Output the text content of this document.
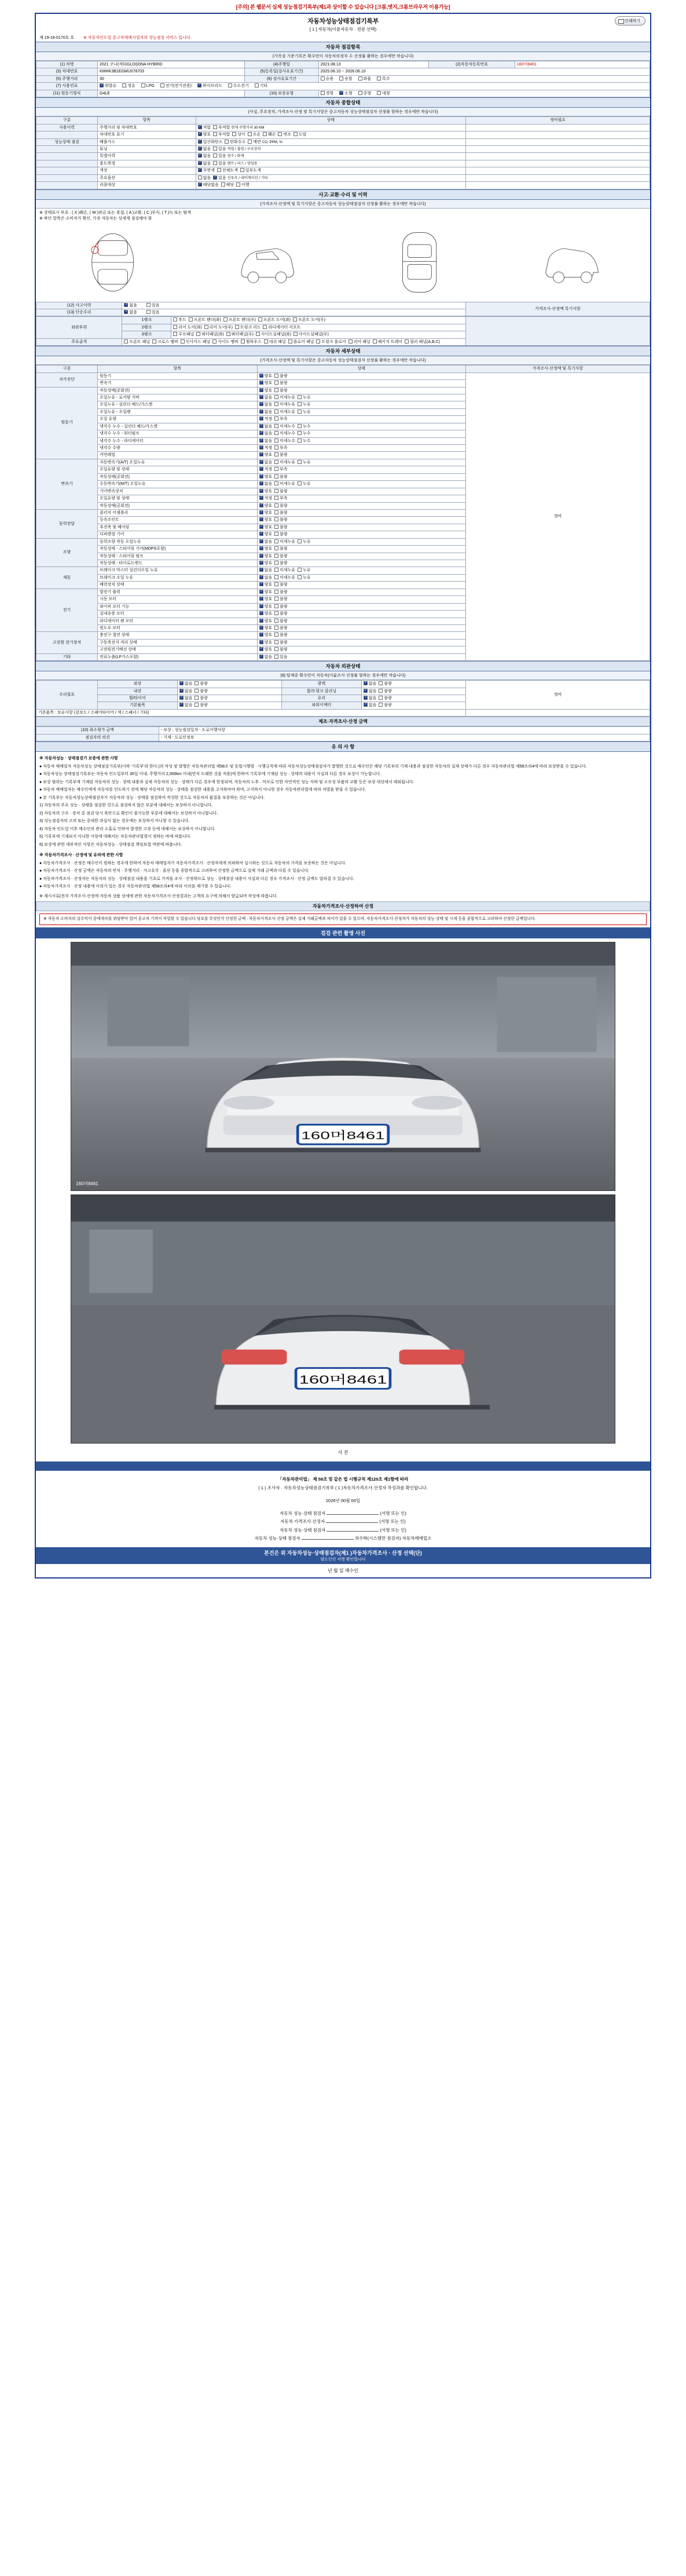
[주의] 본 웹문서 실제 성능점검기록부(제1과 상이할 수 있습니다 [크롬,엣지,크롬브라우저 이용가능]
자동차성능상태점검기록부
[ 1 ] 자동차(이륜자동차 · 전문 선택)
인쇄하기
제 19-16-0170호 호 ※ 자동차인도일 중고차매매사업자의 성능점검 서비스 입니다.
자동차 점검항목
(가족검 기준기록은 확수민이 자동차의정자 수 선정률 활하는 경우에만 작습니다)
(1) 차명	2021 코나(세타GLDI)ONA HYBRID	(4)주행일	2021.08.13	(2)자동차등록번호	160머8461
(3) 차대번호	KMHK3B1EGMU078703	(5)등록일(검사유효기간)	2025.06.10 ~ 2026.06.10		
(5) 주행거리	30	(6) 검사유효기간	승용 승합 화물 특수		
(7) 사용연료	✓휘발유 경유 LPG 전기(전기전용) ✓ 하이브리드 수소전기 기타
(11) 원동기형식	G4LE	(10) 보증유형	경형 ✓ 소형 중형 대형
자동차 종합상태
(사실, 주요장치, 가격조사·산정 및 특기사항은 중고자동차 성능상태점검자 선정률 할하는 경우에만 작습니다)
구분	항목	상태	정비필요
사용이력	주행거리 및 차대번호	✓적합 부적합 현재 주행거리 30 KM	
	차대번호 표기	✓양호 부적합 상이 오손 훼손 변조 도말	
성능상태 점검	배출가스	✓일산화탄소 탄화수소 매연 CO, PPM, %	
	튜닝	✓없음 있음 적법 / 불법 / 구조장치	
	특별이력	✓없음 있음 침수 / 화재	
	용도변경	✓없음 있음 렌트 / 리스 / 영업용	
	색상	✓무변색 전체도색 일부도색	
	주요옵션	없음 ✓ 있음 선루프 / 네비게이션 / 기타	
	리콜대상	✓해당없음 해당 이행	
사고·교환·수리 및 이력
(가격조사·산정액 및 특기사항은 중고자동차 성능상태점검자 선정률 활하는 경우에만 작습니다)
※ 상태표시 부호 : ( X )훼손, ( W )판금 또는 용접, ( A )교환, ( C )부식, ( T )녹 또는 탈색
※ 하단 항목은 소비자가 확인, 가장 자동차는 상세계 점검해야 함
(12) 사고이력	✓없음 있음	가격조사·산정액 특기사항
(13) 단순수리	✓없음 있음
외판부위	1랭크	후드  프론트 펜더(좌)  프론트 펜더(우)  프론트 도어(좌)  프론트 도어(우)	
	2랭크	리어 도어(좌)  리어 도어(우)  트렁크 리드  라디에이터 서포트	
	3랭크	루프패널  쿼터패널(좌)  쿼터패널(우)  사이드실패널(좌)  사이드실패널(우)	
주요골격	프론트 패널  크로스 멤버  인사이드 패널  사이드 멤버  휠하우스  대쉬 패널  플로어 패널  트렁크 플로어  리어 패널  패키지 트레이  필러 패널(A,B,C)		
자동차 세부상태
(가격조사·산정액 및 특기사항은 중고자동차 성능상태점검자 선정률 활하는 경우에만 작습니다)
구분	항목	상태	가격조사·산정액 및 특기사항
자가진단	원동기	✓양호 불량	정비
	변속기	✓양호 불량
원동기	작동상태(공회전)	✓양호 불량
	오일누유 - 로커암 커버	✓없음 미세누유 누유
	오일누유 - 실린더 헤드/가스켓	✓없음 미세누유 누유
	오일누유 - 오일팬	✓없음 미세누유 누유
	오일 유량	✓적정 부족
	냉각수 누수 - 실린더 헤드/가스켓	✓없음 미세누수 누수
	냉각수 누수 - 워터펌프	✓없음 미세누수 누수
	냉각수 누수 - 라디에이터	✓없음 미세누수 누수
	냉각수 수량	✓적정 부족
	커먼레일	✓양호 불량
변속기	자동변속기(A/T) 오일누유	✓없음 미세누유 누유
	오일유량 및 상태	✓적정 부족
	작동상태(공회전)	✓양호 불량
	수동변속기(M/T) 오일누유	✓없음 미세누유 누유
	기어변속장치	✓양호 불량
	오일유량 및 상태	✓적정 부족
	작동상태(공회전)	✓양호 불량
동력전달	클러치 어셈블리	✓양호 불량
	등속조인트	✓양호 불량
	추진축 및 베어링	✓양호 불량
	디퍼렌셜 기어	✓양호 불량
조향	동력조향 작동 오일누유	✓없음 미세누유 누유
	작동상태 - 스티어링 기어(MDPS포함)	✓양호 불량
	작동상태 - 스티어링 펌프	✓양호 불량
	작동상태 - 타이로드엔드	✓양호 불량
제동	브레이크 마스터 실린더오일 누유	✓없음 미세누유 누유
	브레이크 오일 누유	✓없음 미세누유 누유
	배력장치 상태	✓양호 불량
전기	발전기 출력	✓양호 불량
	시동 모터	✓양호 불량
	와이퍼 모터 기능	✓양호 불량
	실내송풍 모터	✓양호 불량
	라디에이터 팬 모터	✓양호 불량
	윈도우 모터	✓양호 불량
고전원 전기장치	충전구 절연 상태	✓양호 불량
	구동축전지 격리 상태	✓양호 불량
	고전원전기배선 상태	✓양호 불량
기타	연료누출(LP가스포함)	✓없음 있음
자동차 외관상태
(9) 탑재중 확수민이 자동차(이륜조사 선정률 할하는 경우에만 작습니다)
수리필요	외장	✓없음 불량	광택	✓없음 불량	정비
	내장	✓없음 불량	룸/트렁크 클리닝	✓없음 불량
	휠/타이어	✓없음 불량	유리	✓없음 불량
	기본품목	✓없음 불량	파워이젝터	✓없음 불량
기본품목 : 보유사항 (겉보드 / 스페어타이어 / 잭 / 스패너 / 기타)					
제조·자격조사·산정 금액
(10) 최소평가 금액	- 보상 : 성능점검일자 - 도로이행사항
점검자의 의견	- 기재 : 도로인정보
유 의 사 항
※ 자동차성능 · 상태점검기 보증에 관한 사항

● 자동차 매매업자 자동차성능 상태점검기록부(이하 ′기록부′라 한다.)의 작성 및 발행은 자동차관리법 제58조 및 동법시행령 · 시행규칙에 따라 자동차성능상태점검자가 발행한 것으로 매수인은 해당 기록부의 기재 내용과 점검한 자동차의 실제 상태가 다른 경우 자동차관리법 제58조의4에 따라 보상받을 수 있습니다.

● 자동차성능 상태점검기록부는 자동차 인도일부터 30일 이내, 주행거리 2,000km 이내(먼저 도래한 것을 적용)에 한하여 기록부에 기재된 성능 · 상태의 내용이 사실과 다른 경우 보상이 가능합니다.

● 보상 범위는 기록부에 기재된 자동차의 성능 · 상태 내용과 실제 자동차의 성능 · 상태가 다른 경우에 한정되며, 자동차의 노후 · 마모로 인한 자연적인 성능 저하 및 소모성 부품의 교환 등은 보상 대상에서 제외됩니다.

● 자동차 매매업자는 매수인에게 자동차를 인도하기 전에 해당 자동차의 성능 · 상태를 점검한 내용을 고지하여야 하며, 고지하지 아니한 경우 자동차관리법에 따라 처벌을 받을 수 있습니다.

● 본 기록부는 자동차성능상태점검자가 자동차의 성능 · 상태를 점검하여 작성한 것으로 자동차의 품질을 보증하는 것은 아닙니다.

1) 자동차의 주요 성능 · 상태를 점검한 것으로 점검하지 않은 부분에 대해서는 보상하지 아니합니다.

2) 자동차의 구조 · 장치 중 점검 당시 육안으로 확인이 불가능한 부분에 대해서는 보상하지 아니합니다.

3) 성능점검자의 고의 또는 중대한 과실이 없는 경우에는 보상하지 아니할 수 있습니다.

4) 자동차 인도일 이후 매수인의 관리 소홀로 인하여 발생한 고장 등에 대해서는 보상하지 아니합니다.

5) 기록부에 기재되지 아니한 사항에 대해서는 자동차관리법령이 정하는 바에 따릅니다.

6) 보상에 관한 세부적인 사항은 자동차성능 · 상태점검 책임보험 약관에 따릅니다.

※ 자동차가격조사 · 산정에 및 유의에 관한 사항

● 자동차가격조사 · 산정은 매수인이 원하는 경우에 한하여 자동차 매매업자가 자동차가격조사 · 산정자에게 의뢰하여 실시하는 것으로 자동차의 가격을 보증하는 것은 아닙니다.

● 자동차가격조사 · 산정 금액은 자동차의 연식 · 주행거리 · 사고유무 · 옵션 등을 종합적으로 고려하여 산정한 금액으로 실제 거래 금액과 다를 수 있습니다.

● 자동차가격조사 · 산정자는 자동차의 성능 · 상태점검 내용을 기초로 가격을 조사 · 산정하므로 성능 · 상태점검 내용이 사실과 다른 경우 가격조사 · 산정 금액도 달라질 수 있습니다.

● 자동차가격조사 · 산정 내용에 이의가 있는 경우 자동차관리법 제58조의4에 따라 이의를 제기할 수 있습니다.

※ 제시서류(전자 가격조사·산정에 자동차 상품 상세에 관한 자동차가격조사 산정결과는 고객의 요구에 의해서 발급되며 작성에 따릅니다.
자동차가격조사·산정하여 산정
※ 자동차 소비자의 실수익이 중에게자를 위임받아 있어 중고차 기격이 작업할 수 있습니다 당보를 무엇인가 산정한 금액 : 자동차가격조사·산정 금액은 실제 거래금액과 차이가 있을 수 있으며, 자동차가격조사·산정자가 자동차의 성능·상태 및 시세 등을 종합적으로 고려하여 산정한 금액입니다.
검검 관련 촬영 사진
160머8461
160머8461
160머8461
사 진

「자동차관리법」 제 58조 및 같은 법 시행규칙 제120조 제1항에 따라
( 1 ) 조사자 · 자동차성능상태점검기록부 ( 1 )자동차가격조사·산정자 작성과를 확인합니다.
2026년 00월 00일
자동차 성능·상태 점검자	(서명 또는 인)
자동차 가격조사·산정자	(서명 또는 인)
자동차 성능·상태 점검자	(서명 또는 인)
자동차 성능·상태 점검자	위수탁(시스템만 점검자) 자동차매매업소
본건은 위 자동차성능·상태점검자(제1 )자동차가격조사 · 산정 선택(단)
양도인인 서명 확인합니다
년 월 일 매수인
